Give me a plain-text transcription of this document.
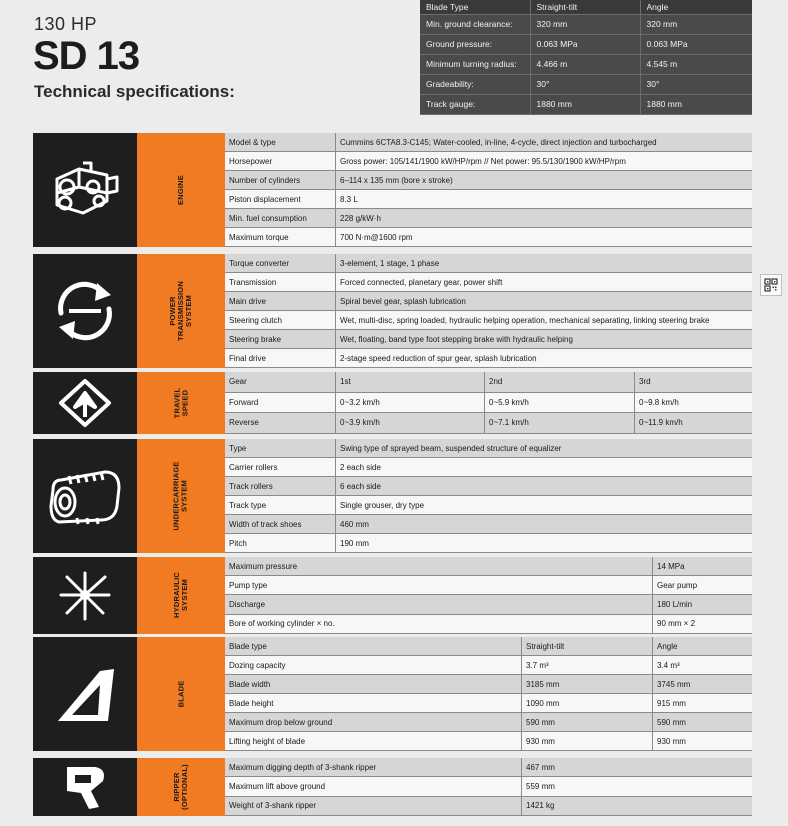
130 HP
SD 13
Technical specifications:
Blade Type	Straight-tilt	Angle
Min. ground clearance:	320 mm	320 mm
Ground pressure:	0.063 MPa	0.063 MPa
Minimum turning radius:	4.466 m	4.545 m
Gradeability:	30°	30°
Track gauge:	1880 mm	1880 mm
ENGINE
Model & type	Cummins 6CTA8.3-C145; Water-cooled, in-line, 4-cycle, direct injection and turbocharged
Horsepower	Gross power: 105/141/1900 kW/HP/rpm // Net power: 95.5/130/1900 kW/HP/rpm
Number of cylinders	6–114 x 135 mm (bore x stroke)
Piston displacement	8.3 L
Min. fuel consumption	228 g/kW·h
Maximum torque	700 N·m@1600 rpm
POWER
TRANSMISSION
SYSTEM
Torque converter	3-element, 1 stage, 1 phase
Transmission	Forced connected, planetary gear, power shift
Main drive	Spiral bevel gear, splash lubrication
Steering clutch	Wet, multi-disc, spring loaded, hydraulic helping operation, mechanical separating, linking steering brake
Steering brake	Wet, floating, band type foot stepping brake with hydraulic helping
Final drive	2-stage speed reduction of spur gear, splash lubrication
TRAVEL
SPEED
Gear	1st	2nd	3rd
Forward	0~3.2 km/h	0~5.9 km/h	0~9.8 km/h
Reverse	0~3.9 km/h	0~7.1 km/h	0~11.9 km/h
UNDERCARRIAGE
SYSTEM
Type	Swing type of sprayed beam, suspended structure of equalizer
Carrier rollers	2 each side
Track rollers	6 each side
Track type	Single grouser, dry type
Width of track shoes	460 mm
Pitch	190 mm
HYDRAULIC
SYSTEM
Maximum pressure	14 MPa
Pump type	Gear pump
Discharge	180 L/min
Bore of working cylinder × no.	90 mm × 2
BLADE
Blade type	Straight-tilt	Angle
Dozing capacity	3.7 m³	3.4 m³
Blade width	3185 mm	3745 mm
Blade height	1090 mm	915 mm
Maximum drop below ground	590 mm	590 mm
Lifting height of blade	930 mm	930 mm
RIPPER
(OPTIONAL)	Maximum digging depth of 3-shank ripper	467 mm
Maximum lift above ground	559 mm
Weight of 3-shank ripper	1421 kg
